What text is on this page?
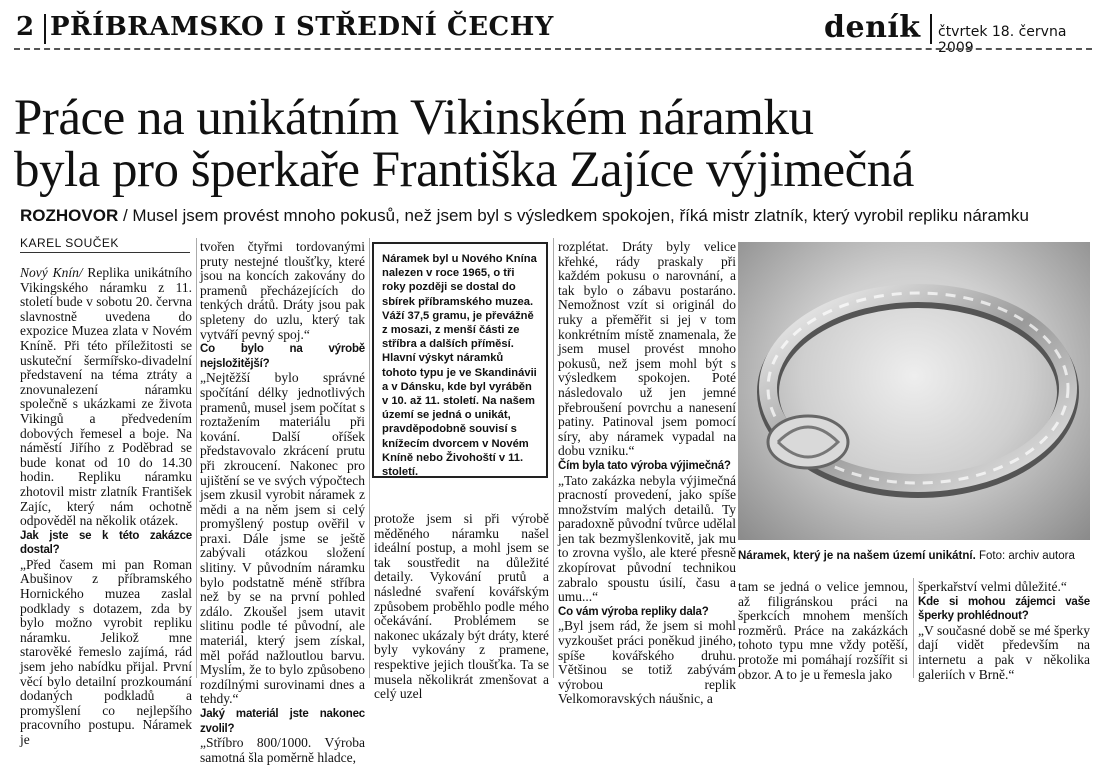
2 PŘÍBRAMSKO I STŘEDNÍ ČECHY	deník čtvrtek 18. června 2009
Práce na unikátním Vikinském náramku
byla pro šperkaře Františka Zajíce výjimečná
ROZHOVOR / Musel jsem provést mnoho pokusů, než jsem byl s výsledkem spokojen, říká mistr zlatník, který vyrobil repliku náramku
KAREL SOUČEK

Nový Knín/ Replika unikátního Vikingského náramku z 11. století bude v sobotu 20. června slavnostně uvedena do expozice Muzea zlata v Novém Kníně. Při této příležitosti se uskuteční šermířsko-divadelní představení na téma ztráty a znovunalezení náramku společně s ukázkami ze života Vikingů a předvedením dobových řemesel a boje. Na náměstí Jiřího z Poděbrad se bude konat od 10 do 14.30 hodin. Repliku náramku zhotovil mistr zlatník František Zajíc, který nám ochotně odpověděl na několik otázek.

Jak jste se k této zakázce dostal?

„Před časem mi pan Roman Abušinov z příbramského Hornického muzea zaslal podklady s dotazem, zda by bylo možno vyrobit repliku náramku. Jelikož mne starověké řemeslo zajímá, rád jsem jeho nabídku přijal. První věcí bylo detailní prozkoumání dodaných podkladů a promyšlení co nejlepšího pracovního postupu. Náramek je

tvořen čtyřmi tordovanými pruty nestejné tloušťky, které jsou na koncích zakovány do pramenů přecházejících do tenkých drátů. Dráty jsou pak spleteny do uzlu, který tak vytváří pevný spoj.“

Co bylo na výrobě nejsložitější?

„Nejtěžší bylo správné spočítání délky jednotlivých pramenů, musel jsem počítat s roztažením materiálu při kování. Další oříšek představovalo zkrácení prutu při zkroucení. Nakonec pro ujištění se ve svých výpočtech jsem zkusil vyrobit náramek z mědi a na něm jsem si celý promyšlený postup ověřil v praxi. Dále jsme se ještě zabývali otázkou složení slitiny. V původním náramku bylo podstatně méně stříbra než by se na první pohled zdálo. Zkoušel jsem utavit slitinu podle té původní, ale materiál, který jsem získal, měl pořád nažloutlou barvu. Myslím, že to bylo způsobeno rozdílnými surovinami dnes a tehdy.“

Jaký materiál jste nakonec zvolil?

„Stříbro 800/1000. Výroba samotná šla poměrně hladce,

Náramek byl u Nového Knína nalezen v roce 1965, o tři roky později se dostal do sbírek příbramského muzea. Váží 37,5 gramu, je převážně z mosazi, z menší části ze stříbra a dalších příměsí. Hlavní výskyt náramků tohoto typu je ve Skandinávii a v Dánsku, kde byl vyráběn v 10. až 11. století. Na našem území se jedná o unikát, pravděpodobně souvisí s knížecím dvorcem v Novém Kníně nebo Živohoští v 11. století.

protože jsem si při výrobě měděného náramku našel ideální postup, a mohl jsem se tak soustředit na důležité detaily. Vykování prutů a následné svaření kovářským způsobem proběhlo podle mého očekávání. Problémem se nakonec ukázaly být dráty, které byly vykovány z pramene, respektive jejich tloušťka. Ta se musela několikrát zmenšovat a celý uzel

rozplétat. Dráty byly velice křehké, rády praskaly při každém pokusu o narovnání, a tak bylo o zábavu postaráno. Nemožnost vzít si originál do ruky a přeměřit si jej v tom konkrétním místě znamenala, že jsem musel provést mnoho pokusů, než jsem mohl být s výsledkem spokojen. Poté následovalo už jen jemné přebroušení povrchu a nanesení patiny. Patinoval jsem pomocí síry, aby náramek vypadal na dobu vzniku.“

Čím byla tato výroba výjimečná?

„Tato zakázka nebyla výjimečná pracností provedení, jako spíše množstvím malých detailů. Ty paradoxně původní tvůrce udělal jen tak bezmyšlenkovitě, jak mu to zrovna vyšlo, ale které přesně zkopírovat původní technikou zabralo spoustu úsilí, času a umu...“

Co vám výroba repliky dala?

„Byl jsem rád, že jsem si mohl vyzkoušet práci poněkud jiného, spíše kovářského druhu. Většinou se totiž zabývám výrobou replik Velkomoravských náušnic, a

Náramek, který je na našem území unikátní. Foto: archiv autora

tam se jedná o velice jemnou, až filigránskou práci na šperkcích mnohem menších rozměrů. Práce na zakázkách tohoto typu mne vždy potěší, protože mi pomáhají rozšířit si obzor. A to je u řemesla jako

šperkařství velmi důležité.“

Kde si mohou zájemci vaše šperky prohlédnout?

„V současné době se mé šperky dají vidět především na internetu a pak v několika galeriích v Brně.“
